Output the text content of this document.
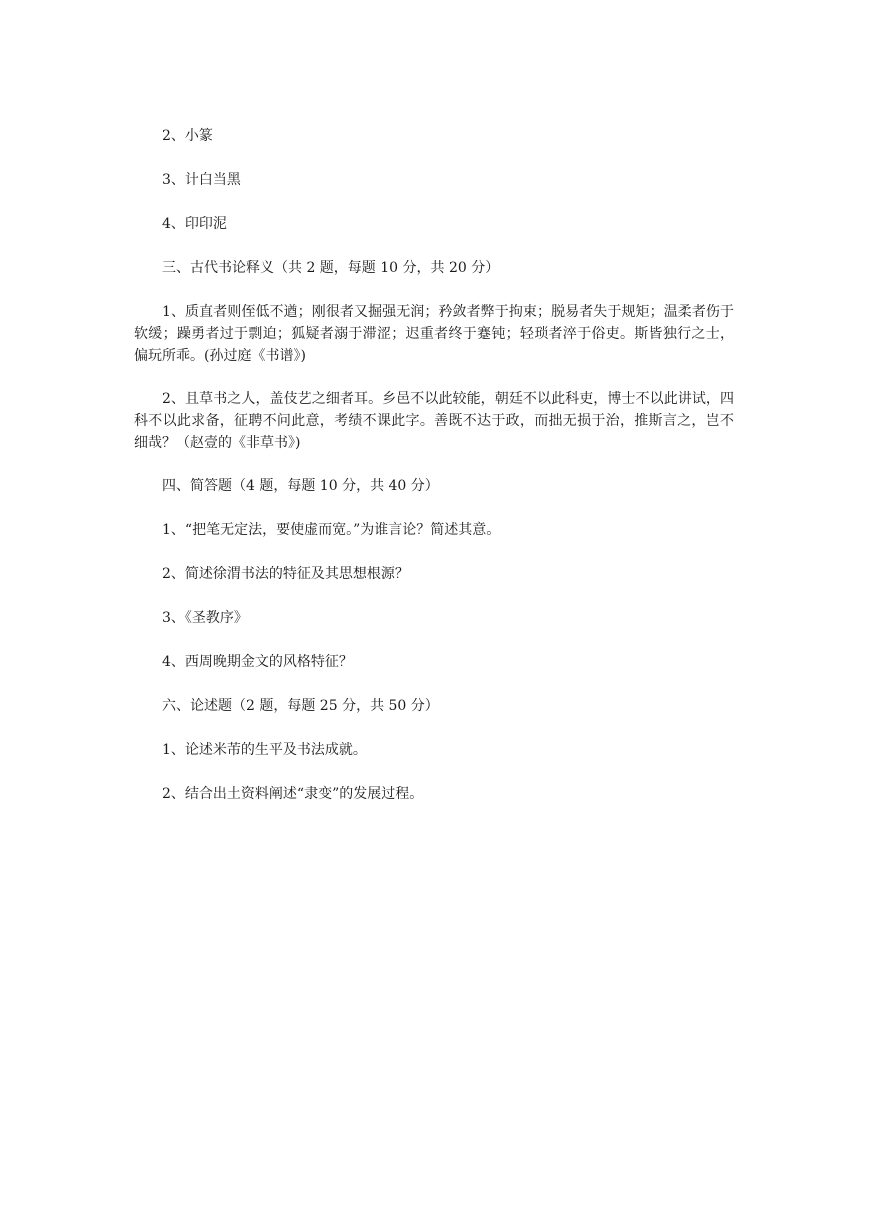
2、小篆

3、计白当黑

4、印印泥

三、古代书论释义（共 2 题，每题 10 分，共 20 分）

1、质直者则侄低不遒；刚很者又掘强无润；矜敛者弊于拘束；脱易者失于规矩；温柔者伤于软缓；躁勇者过于剽迫；狐疑者溺于滞涩；迟重者终于蹇钝；轻琐者淬于俗吏。斯皆独行之士，偏玩所乖。(孙过庭《书谱》)

2、且草书之人，盖伎艺之细者耳。乡邑不以此较能，朝廷不以此科吏，博士不以此讲试，四科不以此求备，征聘不问此意，考绩不课此字。善既不达于政，而拙无损于治，推斯言之，岂不细哉？（赵壹的《非草书》)

四、简答题（4 题，每题 10 分，共 40 分）

1、“把笔无定法，要使虚而宽。”为谁言论？简述其意。

2、简述徐渭书法的特征及其思想根源？

3、《圣教序》

4、西周晚期金文的风格特征？

六、论述题（2 题，每题 25 分，共 50 分）

1、论述米芾的生平及书法成就。

2、结合出土资料阐述“隶变”的发展过程。
